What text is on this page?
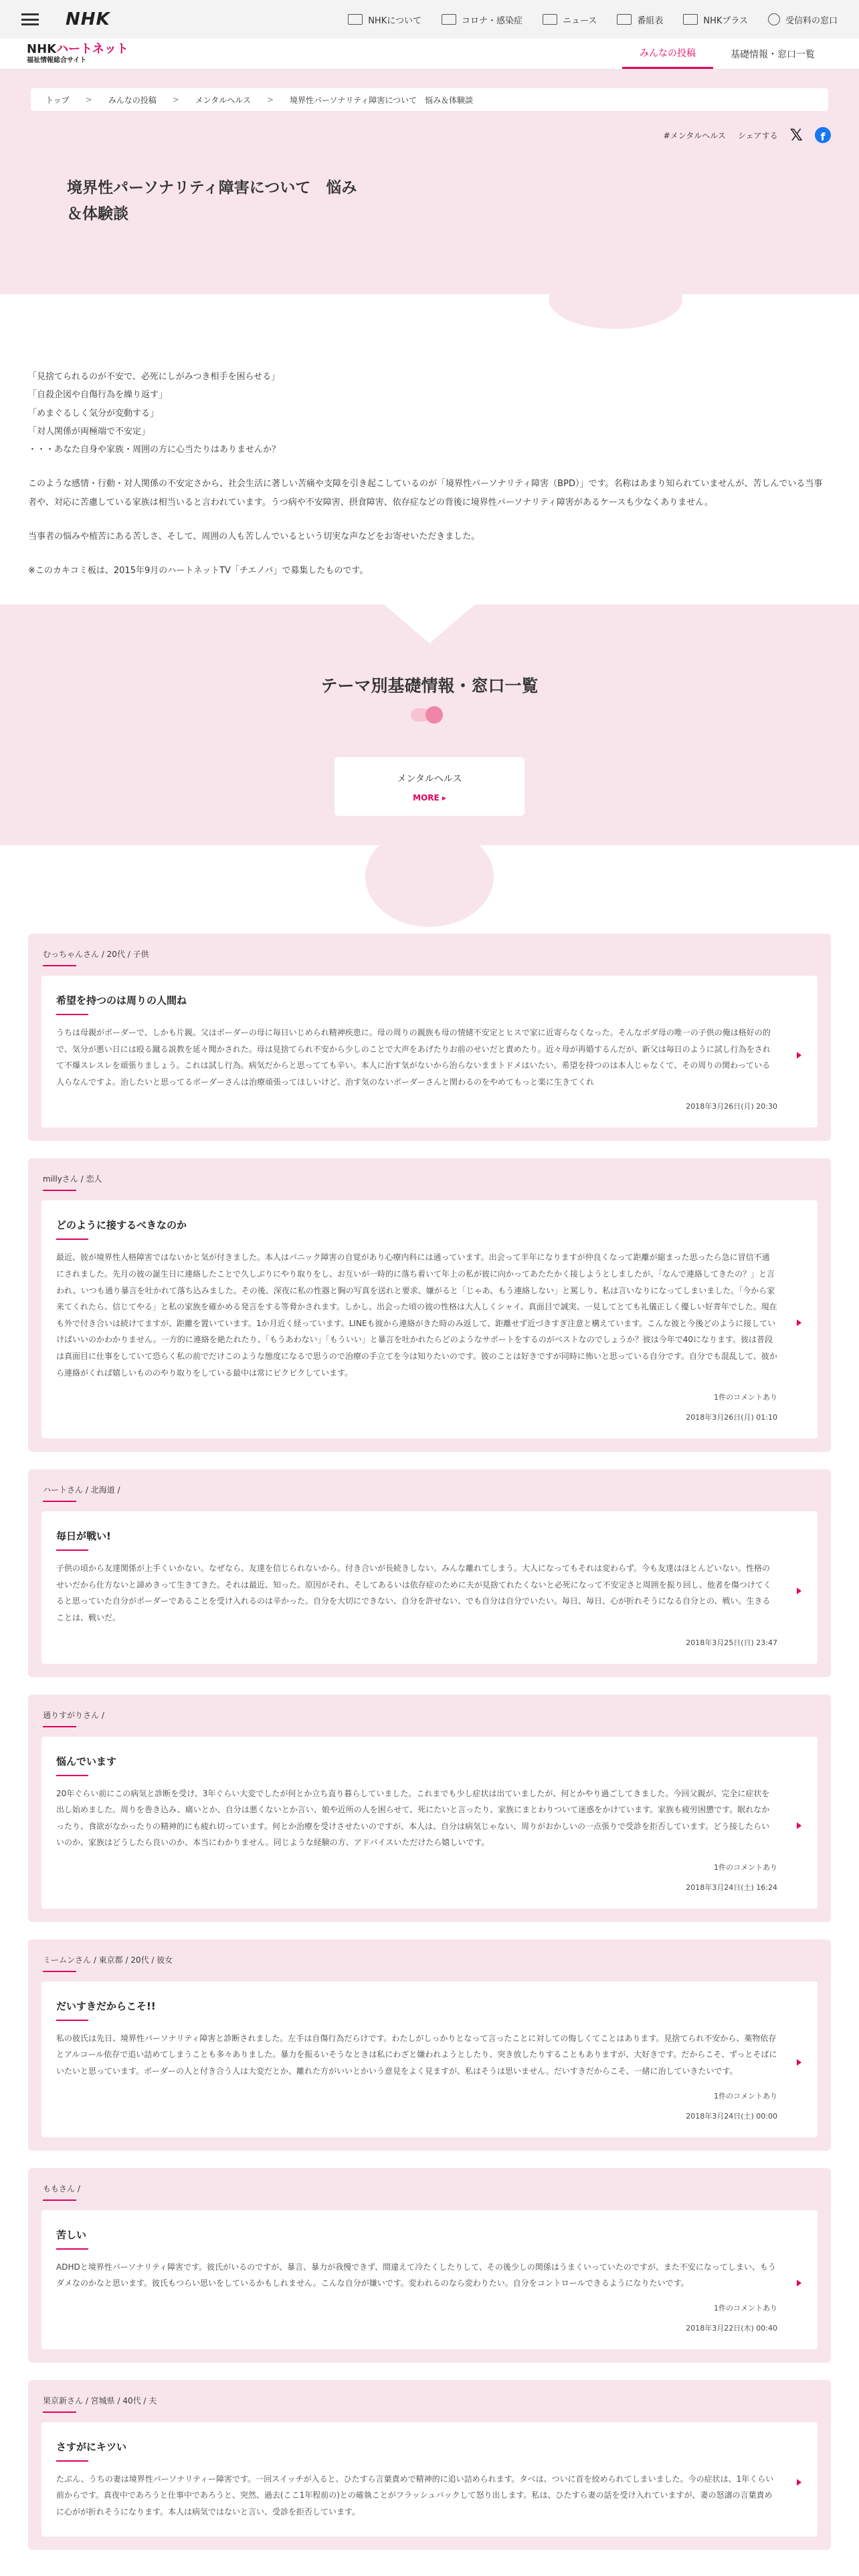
NHK	NHKについて	コロナ・感染症	ニュース	番組表	NHKプラス	受信料の窓口
NHKハートネット
福祉情報総合サイト
みんなの投稿	基礎情報・窓口一覧
トップ > みんなの投稿 > メンタルヘルス > 境界性パーソナリティ障害について　悩み＆体験談
#メンタルヘルス シェアする 𝕏	f
境界性パーソナリティ障害について　悩み＆体験談

「見捨てられるのが不安で、必死にしがみつき相手を困らせる」

「自殺企図や自傷行為を繰り返す」

「めまぐるしく気分が変動する」

「対人関係が両極端で不安定」

・・・あなた自身や家族・周囲の方に心当たりはありませんか？

このような感情・行動・対人関係の不安定さから、社会生活に著しい苦痛や支障を引き起こしているのが「境界性パーソナリティ障害（BPD）」です。名称はあまり知られていませんが、苦しんでいる当事者や、対応に苦慮している家族は相当いると言われています。うつ病や不安障害、摂食障害、依存症などの背後に境界性パーソナリティ障害があるケースも少なくありません。

当事者の悩みや植苦にある苦しさ、そして、周囲の人も苦しんでいるという切実な声などをお寄せいただきました。

※このカキコミ板は、2015年9月のハートネットTV「チエノバ」で募集したものです。

テーマ別基礎情報・窓口一覧
メンタルヘルス
MORE ▸
むっちゃんさん / 20代 / 子供
希望を持つのは周りの人間ね
うちは母親がボーダーで、しかも片親。父はボーダーの母に毎日いじめられ精神疾患に。母の周りの親族も母の情緒不安定とヒスで家に近寄らなくなった。そんなボダ母の唯一の子供の俺は格好の的で、気分が悪い日には殴る蹴る説教を延々聞かされた。母は見捨てられ不安から少しのことで大声をあげたりお前のせいだと責めたり。近々母が再婚するんだが、新父は毎日のように試し行為をされて不爆スレスレを頑張りましょう。これは試し行為。病気だからと思ってても辛い。本人に治す気がないから治らないままトドメはいたい。希望を持つのは本人じゃなくて、その周りの関わっている人らなんですよ。治したいと思ってるボーダーさんは治療頑張ってほしいけど、治す気のないボーダーさんと関わるのをやめてもっと楽に生きてくれ
2018年3月26日(月) 20:30
millyさん / 恋人
どのように接するべきなのか
最近、彼が境界性人格障害ではないかと気が付きました。本人はパニック障害の自覚があり心療内科には通っています。出会って半年になりますが仲良くなって距離が縮まった思ったら急に冒信不通にされました。先月の彼の誕生日に連絡したことで久しぶりにやり取りをし、お互いが一時的に落ち着いて年上の私が彼に向かってあたたかく接しようとしましたが、「なんで連絡してきたの？」と言われ、いつも通り暴言を吐かれて落ち込みました。その後、深夜に私の性器と胸の写真を送れと要求、嫌がると「じゃあ、もう連絡しない」と罵しり、私は言いなりになってしまいました。「今から家来てくれたら、信じてやる」と私の家族を確かめる発言をする等脅かされます。しかし、出会った頃の彼の性格は大人しくシャイ、真面目で誠実、一見してとても礼儀正しく優しい好青年でした。現在も外で付き合いは続けてますが、距離を置いています。1か月近く経っています。LINEも彼から連絡がきた時のみ返して、距離せず近づきすぎ注意と構えています。こんな彼と今後どのように接していけばいいのかわかりません。一方的に連絡を絶たれたり、「もうあわない」「もういい」と暴言を吐かれたらどのようなサポートをするのがベストなのでしょうか？彼は今年で40になります。彼は普段は真面目に仕事をしていて恐らく私の前でだけこのような態度になるで思うので治療の手立てを今は知りたいのです。彼のことは好きですが同時に怖いと思っている自分です。自分でも混乱して、彼から連絡がくれば嬉しいもののやり取りをしている最中は常にビクビクしています。
1件のコメントあり
2018年3月26日(月) 01:10
ハートさん / 北海道 /
毎日が戦い!
子供の頃から友達関係が上手くいかない。なぜなら、友達を信じられないから。付き合いが長続きしない。みんな離れてしまう。大人になってもそれは変わらず。今も友達はほとんどいない。性格のせいだから仕方ないと諦めきって生きてきた。それは最近、知った。原因がそれ、そしてあるいは依存症のために夫が見捨てれたくないと必死になって不安定さと周囲を振り回し、他者を傷つけてくると思っていた自分がボーダーであることを受け入れるのは辛かった。自分を大切にできない、自分を許せない、でも自分は自分でいたい。毎日、毎日、心が折れそうになる自分との、戦い。生きることは、戦いだ。
2018年3月25日(日) 23:47
通りすがりさん /
悩んでいます
20年ぐらい前にこの病気と診断を受け、3年ぐらい大変でしたが何とか立ち直り暮らしていました。これまでも少し症状は出ていましたが、何とかやり過ごしてきました。今回父親が、完全に症状を出し始めました。周りを巻き込み、痛いとか、自分は悪くないとか言い、娘や近所の人を困らせて、死にたいと言ったり、家族にまとわりついて迷惑をかけています。家族も疲労困憊です。眠れなかったり、食欲がなかったりの精神的にも疲れ切っています。何とか治療を受けさせたいのですが、本人は、自分は病気じゃない、周りがおかしいの一点張りで受診を拒否しています。どう接したらいいのか、家族はどうしたら良いのか、本当にわかりません。同じような経験の方、アドバイスいただけたら嬉しいです。
1件のコメントあり
2018年3月24日(土) 16:24
ミームンさん / 東京都 / 20代 / 彼女
だいすきだからこそ!!
私の彼氏は先日、境界性パーソナリティ障害と診断されました。左手は自傷行為だらけです。わたしがしっかりとなって言ったことに対しての悔しくてことはあります。見捨てられ不安から、薬物依存とアルコール依存で追い詰めてしまうことも多々ありました。暴力を振るいそうなときは私にわざと嫌われようとしたり、突き放したりすることもありますが、大好きです。だからこそ、ずっとそばにいたいと思っています。ボーダーの人と付き合う人は大変だとか、離れた方がいいとかいう意見をよく見ますが、私はそうは思いません。だいすきだからこそ、一緒に治していきたいです。
1件のコメントあり
2018年3月24日(土) 00:00
ももさん /
苦しい
ADHDと境界性パーソナリティ障害です。彼氏がいるのですが、暴言、暴力が我慢できず、間違えて冷たくしたりして、その後少しの関係はうまくいっていたのですが、また不安になってしまい、もうダメなのかなと思います。彼氏もつらい思いをしているかもしれません。こんな自分が嫌いです。変われるのなら変わりたい。自分をコントロールできるようになりたいです。
1件のコメントあり
2018年3月22日(木) 00:40
果京新さん / 宮城県 / 40代 / 夫
さすがにキツい
たぶん、うちの妻は境界性パーソナリティー障害です。一回スイッチが入ると、ひたすら言葉責めで精神的に追い詰められます。タベは、ついに首を絞められてしまいました。今の症状は、1年くらい前からです。真夜中であろうと仕事中であろうと、突然、過去(ここ1年程前の)との確執ことがフラッシュバックして怒り出します。私は、ひたすら妻の話を受け入れていますが、妻の怒濤の言葉責めに心がが折れそうになります。本人は病気ではないと言い、受診を拒否しています。
